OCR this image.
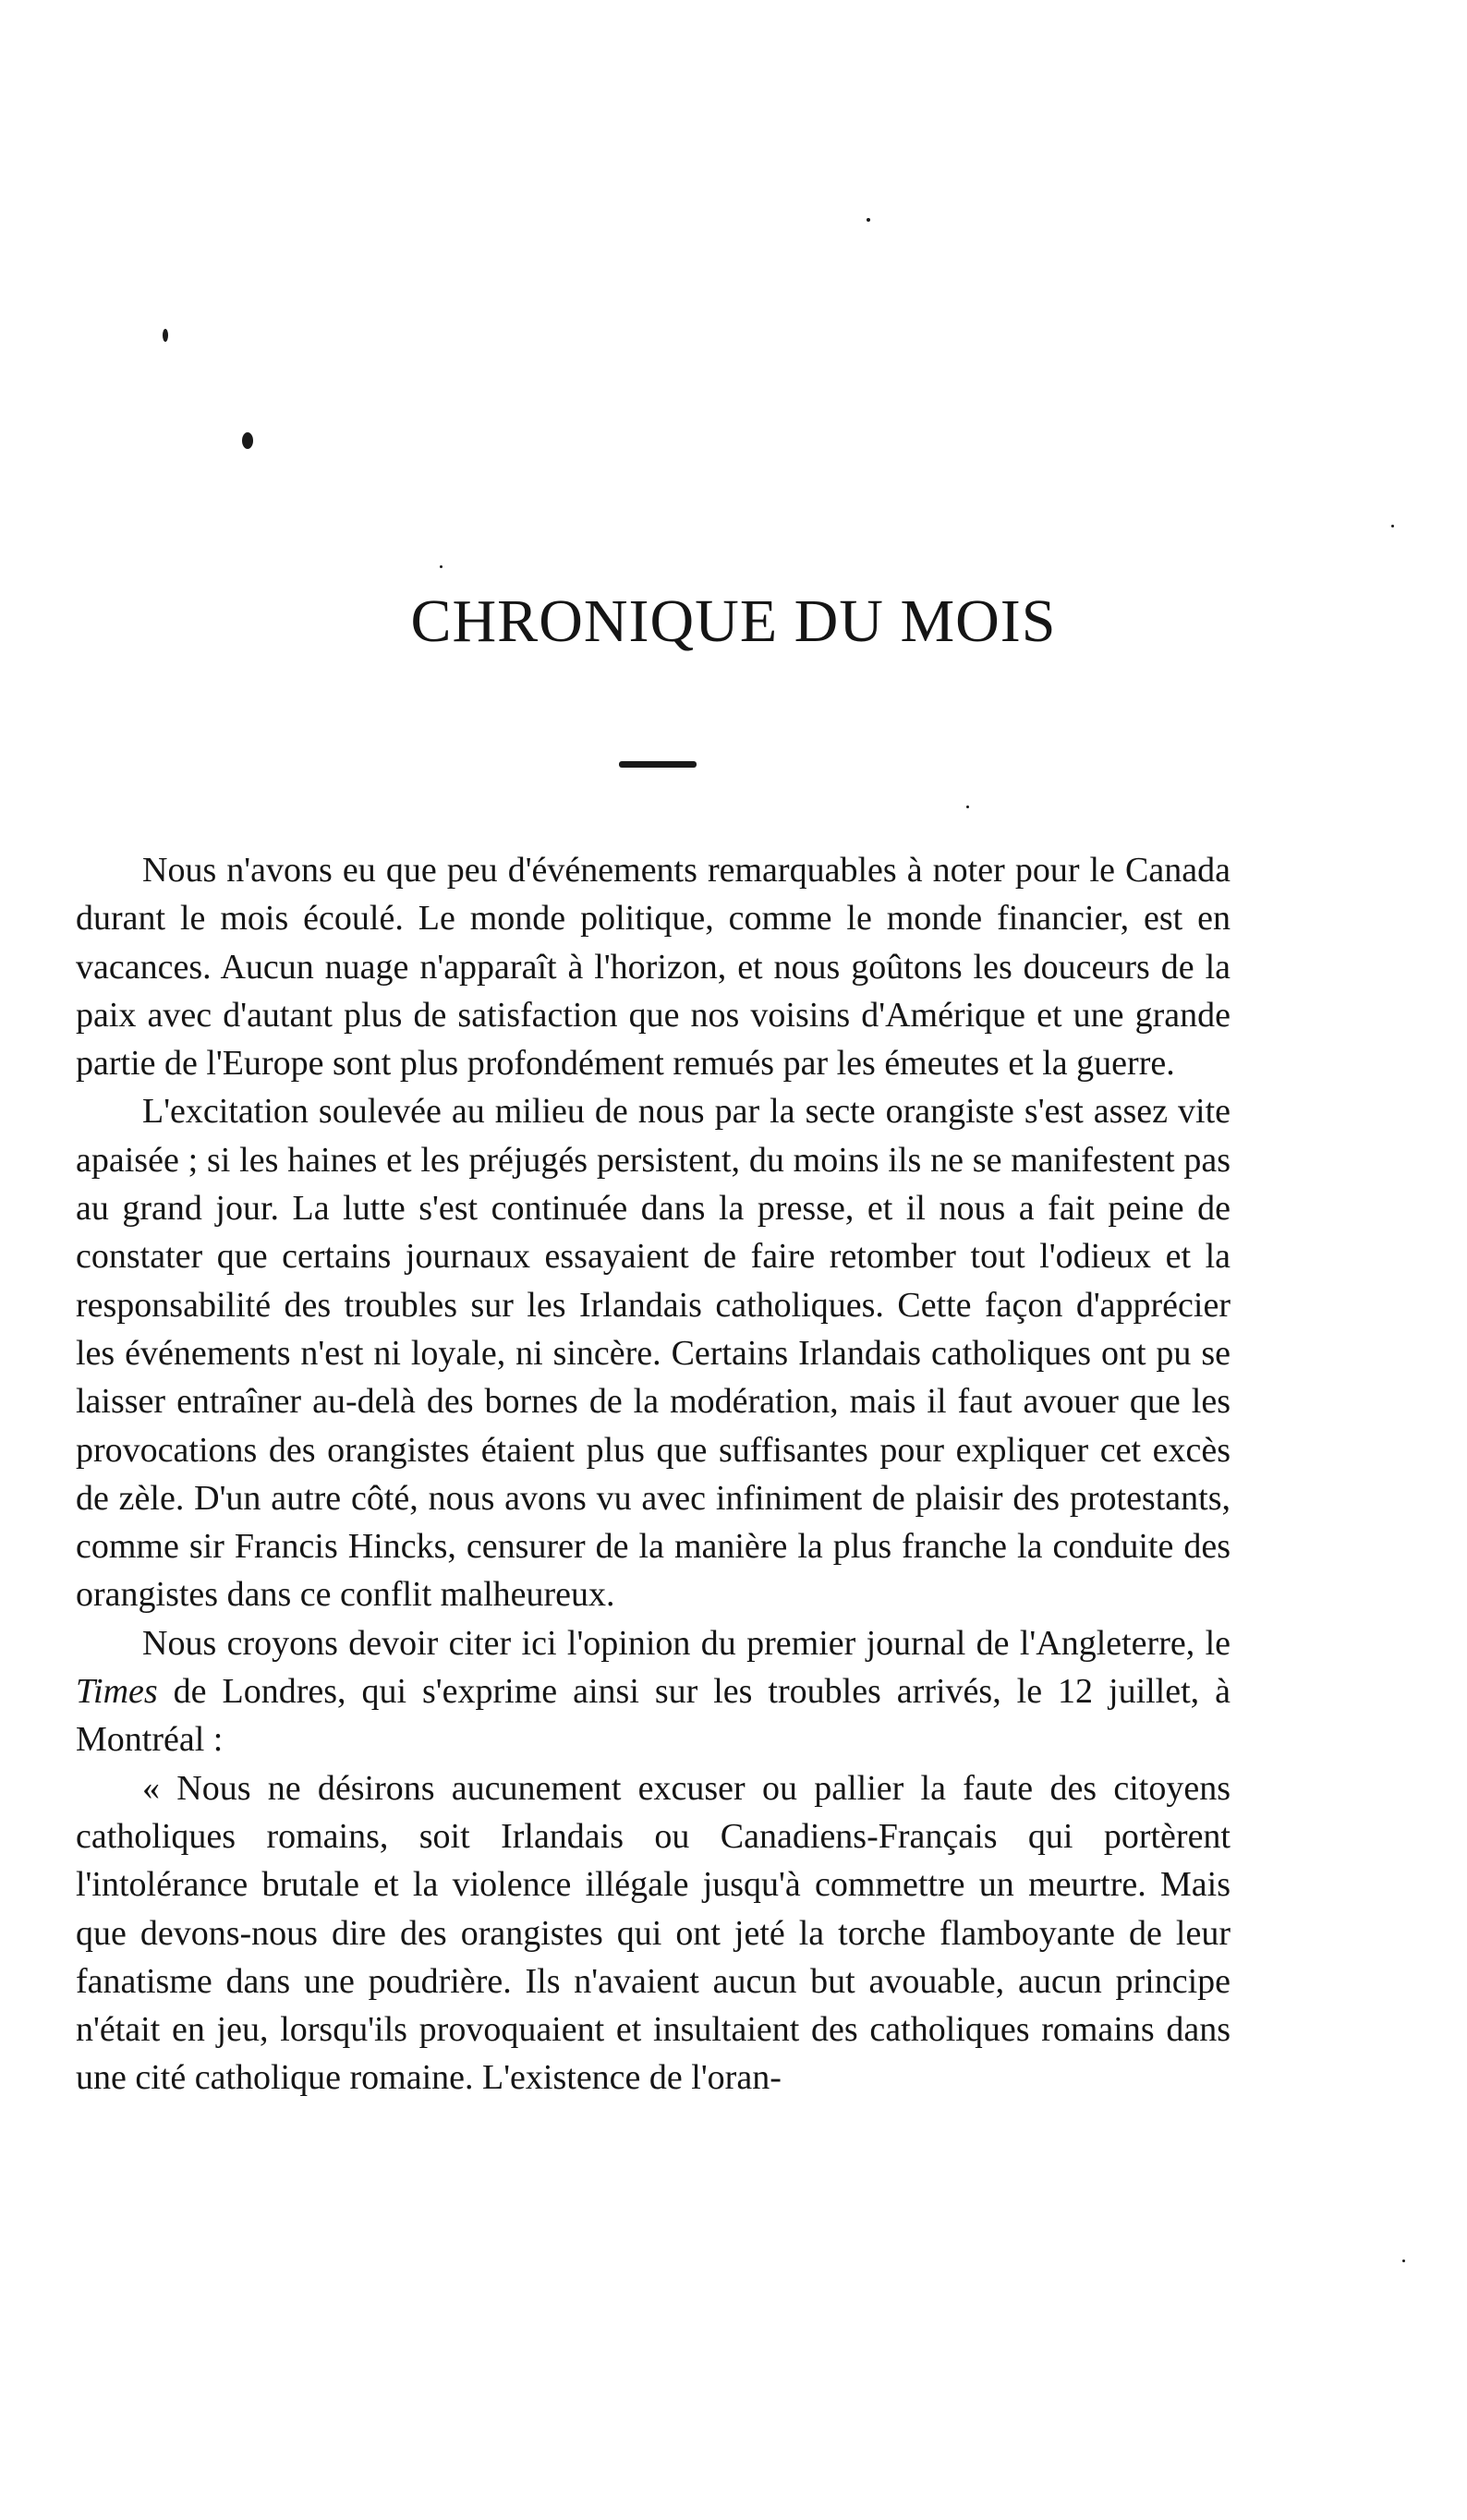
CHRONIQUE DU MOIS

Nous n'avons eu que peu d'événements remarquables à noter pour le Canada durant le mois écoulé. Le monde politique, comme le monde financier, est en vacances. Aucun nuage n'apparaît à l'horizon, et nous goûtons les douceurs de la paix avec d'autant plus de satisfaction que nos voisins d'Amérique et une grande partie de l'Europe sont plus profondément remués par les émeutes et la guerre.

L'excitation soulevée au milieu de nous par la secte orangiste s'est assez vite apaisée ; si les haines et les préjugés persistent, du moins ils ne se manifestent pas au grand jour. La lutte s'est continuée dans la presse, et il nous a fait peine de constater que certains journaux essayaient de faire retomber tout l'odieux et la responsabilité des troubles sur les Irlandais catholiques. Cette façon d'apprécier les événements n'est ni loyale, ni sincère. Certains Irlandais catholiques ont pu se laisser entraîner au-delà des bornes de la modération, mais il faut avouer que les provocations des orangistes étaient plus que suffisantes pour expliquer cet excès de zèle. D'un autre côté, nous avons vu avec infiniment de plaisir des protestants, comme sir Francis Hincks, censurer de la manière la plus franche la conduite des orangistes dans ce conflit malheureux.

Nous croyons devoir citer ici l'opinion du premier journal de l'Angleterre, le Times de Londres, qui s'exprime ainsi sur les troubles arrivés, le 12 juillet, à Montréal :

« Nous ne désirons aucunement excuser ou pallier la faute des citoyens catholiques romains, soit Irlandais ou Canadiens-Français qui portèrent l'intolérance brutale et la violence illégale jusqu'à commettre un meurtre. Mais que devons-nous dire des orangistes qui ont jeté la torche flamboyante de leur fanatisme dans une poudrière. Ils n'avaient aucun but avouable, aucun principe n'était en jeu, lorsqu'ils provoquaient et insultaient des catholiques romains dans une cité catholique romaine. L'existence de l'oran-
